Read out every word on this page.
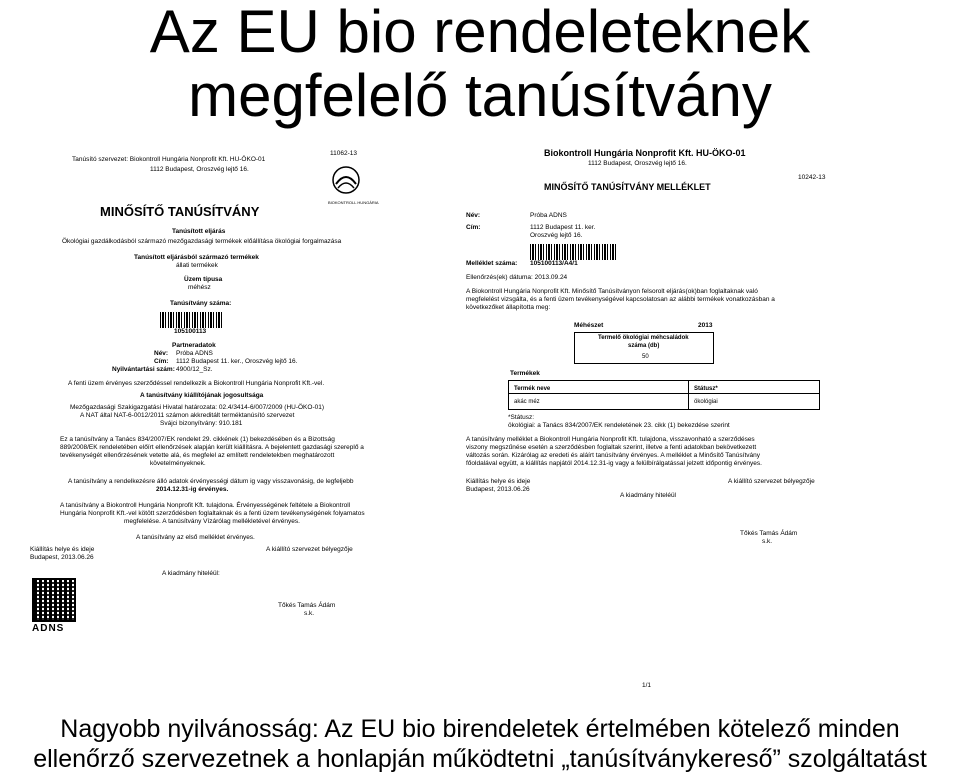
Az EU bio rendeleteknek
megfelelő tanúsítvány
Tanúsító szervezet: Biokontroll Hungária Nonprofit Kft. HU-ÖKO-01
1112 Budapest, Oroszvég lejtő 16.
11062-13
BIOKONTROLL HUNGÁRIA
MINŐSÍTŐ TANÚSÍTVÁNY
Tanúsított eljárás
Ökológiai gazdálkodásból származó mezőgazdasági termékek előállítása ökológiai forgalmazása
Tanúsított eljárásból származó termékek
állati termékek
Üzem típusa
méhész
Tanúsítvány száma:
105100113
Partneradatok
Név: Próba ADNS
Cím: 1112 Budapest 11. ker., Oroszvég lejtő 16.
Nyilvántartási szám: 4900/12_Sz.
A fenti üzem érvényes szerződéssel rendelkezik a Biokontroll Hungária Nonprofit Kft.-vel.
A tanúsítvány kiállítójának jogosultsága
Mezőgazdasági Szakigazgatási Hivatal határozata: 02.4/3414-6/007/2009 (HU-ÖKO-01)
A NAT által NAT-6-0012/2011 számon akkreditált terméktanúsító szervezet
Svájci bizonyítvány: 910.181
Ez a tanúsítvány a Tanács 834/2007/EK rendelet 29. cikkének (1) bekezdésében és a Bizottság
889/2008/EK rendeletében előírt ellenőrzések alapján került kiállításra. A bejelentett gazdasági szereplő a
tevékenységét ellenőrzésének vetette alá, és megfelel az említett rendeletekben meghatározott
követelményeknek.
A tanúsítvány a rendelkezésre álló adatok érvényességi dátum ig vagy visszavonásig, de legfeljebb
2014.12.31-ig érvényes.
A tanúsítvány a Biokontroll Hungária Nonprofit Kft. tulajdona. Érvényességének feltétele a Biokontroll
Hungária Nonprofit Kft.-vel kötött szerződésben foglaltaknak és a fenti üzem tevékenységének folyamatos
megfelelése. A tanúsítvány Vízárólag mellékletével érvényes.
A tanúsítvány az első melléklet érvényes.
Kiállítás helye és ideje
Budapest, 2013.06.26
A kiállító szervezet bélyegzője
A kiadmány hiteléül:
ADNS
Tőkés Tamás Ádám
s.k.
Biokontroll Hungária Nonprofit Kft. HU-ÖKO-01
1112 Budapest, Oroszvég lejtő 16.
MINŐSÍTŐ TANÚSÍTVÁNY MELLÉKLET
10242-13
Név:	Próba ADNS
Cím:	1112 Budapest 11. ker.
Oroszvég lejtő 16.
Melléklet száma: 105100113/A4/1
Ellenőrzés(ek) dátuma: 2013.09.24
A Biokontroll Hungária Nonprofit Kft. Minősítő Tanúsítványon felsorolt eljárás(ok)ban foglaltaknak való
megfelelést vizsgálta, és a fenti üzem tevékenységével kapcsolatosan az alábbi termékek vonatkozásban a
következőket állapította meg:
Méhészet	2013
Termelő ökológiai méhcsaládok
száma (db)
50
Termékek
Termék neve	Státusz*
akác méz	ökológiai
*Státusz:
ökológiai: a Tanács 834/2007/EK rendeletének 23. cikk (1) bekezdése szerint
A tanúsítvány melléklet a Biokontroll Hungária Nonprofit Kft. tulajdona, visszavonható a szerződéses
viszony megszűnése esetén a szerződésben foglaltak szerint, illetve a fenti adatokban bekövetkezett
változás során. Kizárólag az eredeti és aláírt tanúsítvány érvényes. A melléklet a Minősítő Tanúsítvány
főoldalával együtt, a kiállítás napjától 2014.12.31-ig vagy a felülbírálgatással jelzett időpontig érvényes.
Kiállítás helye és ideje
Budapest, 2013.06.26
A kiállító szervezet bélyegzője
A kiadmány hiteléül
Tőkés Tamás Ádám
s.k.
1/1
Nagyobb nyilvánosság: Az EU bio birendeletek értelmében kötelező minden
ellenőrző szervezetnek a honlapján működtetni „tanúsítványkereső” szolgáltatást
